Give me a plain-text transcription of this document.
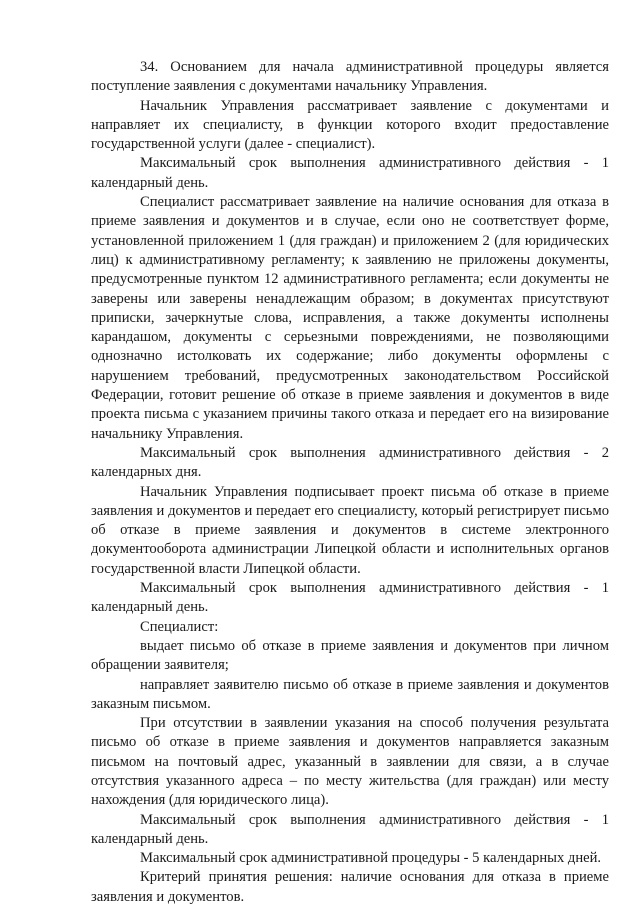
34. Основанием для начала административной процедуры является поступление заявления с документами начальнику Управления.

Начальник Управления рассматривает заявление с документами и направляет их специалисту, в функции которого входит предоставление государственной услуги (далее - специалист).

Максимальный срок выполнения административного действия - 1 календарный день.

Специалист рассматривает заявление на наличие основания для отказа в приеме заявления и документов и в случае, если оно не соответствует форме, установленной приложением 1 (для граждан) и приложением 2 (для юридических лиц) к административному регламенту; к заявлению не приложены документы, предусмотренные пунктом 12 административного регламента; если документы не заверены или заверены ненадлежащим образом; в документах присутствуют приписки, зачеркнутые слова, исправления, а также документы исполнены карандашом, документы с серьезными повреждениями, не позволяющими однозначно истолковать их содержание; либо документы оформлены с нарушением требований, предусмотренных законодательством Российской Федерации, готовит решение об отказе в приеме заявления и документов в виде проекта письма с указанием причины такого отказа и передает его на визирование начальнику Управления.

Максимальный срок выполнения административного действия - 2 календарных дня.

Начальник Управления подписывает проект письма об отказе в приеме заявления и документов и передает его специалисту, который регистрирует письмо об отказе в приеме заявления и документов в системе электронного документооборота администрации Липецкой области и исполнительных органов государственной власти Липецкой области.

Максимальный срок выполнения административного действия - 1 календарный день.

Специалист:

выдает письмо об отказе в приеме заявления и документов при личном обращении заявителя;

направляет заявителю письмо об отказе в приеме заявления и документов заказным письмом.

При отсутствии в заявлении указания на способ получения результата письмо об отказе в приеме заявления и документов направляется заказным письмом на почтовый адрес, указанный в заявлении для связи, а в случае отсутствия указанного адреса – по месту жительства (для граждан) или месту нахождения (для юридического лица).

Максимальный срок выполнения административного действия - 1 календарный день.

Максимальный срок административной процедуры - 5 календарных дней.

Критерий принятия решения: наличие основания для отказа в приеме заявления и документов.
